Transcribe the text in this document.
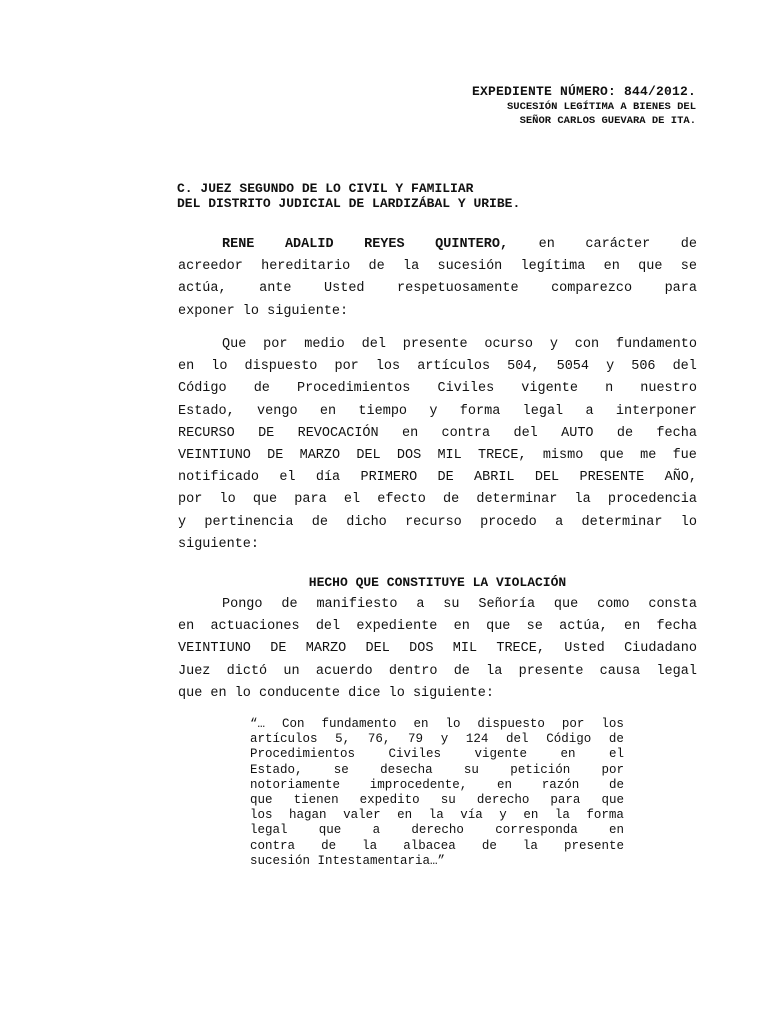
EXPEDIENTE NÚMERO: 844/2012.
SUCESIÓN LEGÍTIMA A BIENES DEL
SEÑOR CARLOS GUEVARA DE ITA.
C. JUEZ SEGUNDO DE LO CIVIL Y FAMILIAR
DEL DISTRITO JUDICIAL DE LARDIZÁBAL Y URIBE.
RENE ADALID REYES QUINTERO, en carácter de
acreedor hereditario de la sucesión legítima en que se
actúa, ante Usted respetuosamente comparezco para
exponer lo siguiente:
Que por medio del presente ocurso y con fundamento
en lo dispuesto por los artículos 504, 5054 y 506 del
Código de Procedimientos Civiles vigente n nuestro
Estado, vengo en tiempo y forma legal a interponer
RECURSO DE REVOCACIÓN en contra del AUTO de fecha
VEINTIUNO DE MARZO DEL DOS MIL TRECE, mismo que me fue
notificado el día PRIMERO DE ABRIL DEL PRESENTE AÑO,
por lo que para el efecto de determinar la procedencia
y pertinencia de dicho recurso procedo a determinar lo
siguiente:
HECHO QUE CONSTITUYE LA VIOLACIÓN
Pongo de manifiesto a su Señoría que como consta
en actuaciones del expediente en que se actúa, en fecha
VEINTIUNO DE MARZO DEL DOS MIL TRECE, Usted Ciudadano
Juez dictó un acuerdo dentro de la presente causa legal
que en lo conducente dice lo siguiente:
“… Con fundamento en lo dispuesto por los
artículos 5, 76, 79 y 124 del Código de
Procedimientos	Civiles	vigente	en	el
Estado,	se	desecha	su	petición	por
notoriamente improcedente, en razón de
que tienen expedito su derecho para que
los hagan valer en la vía y en la forma
legal	que	a	derecho	corresponda	en
contra de la albacea de la presente
sucesión Intestamentaria…”
